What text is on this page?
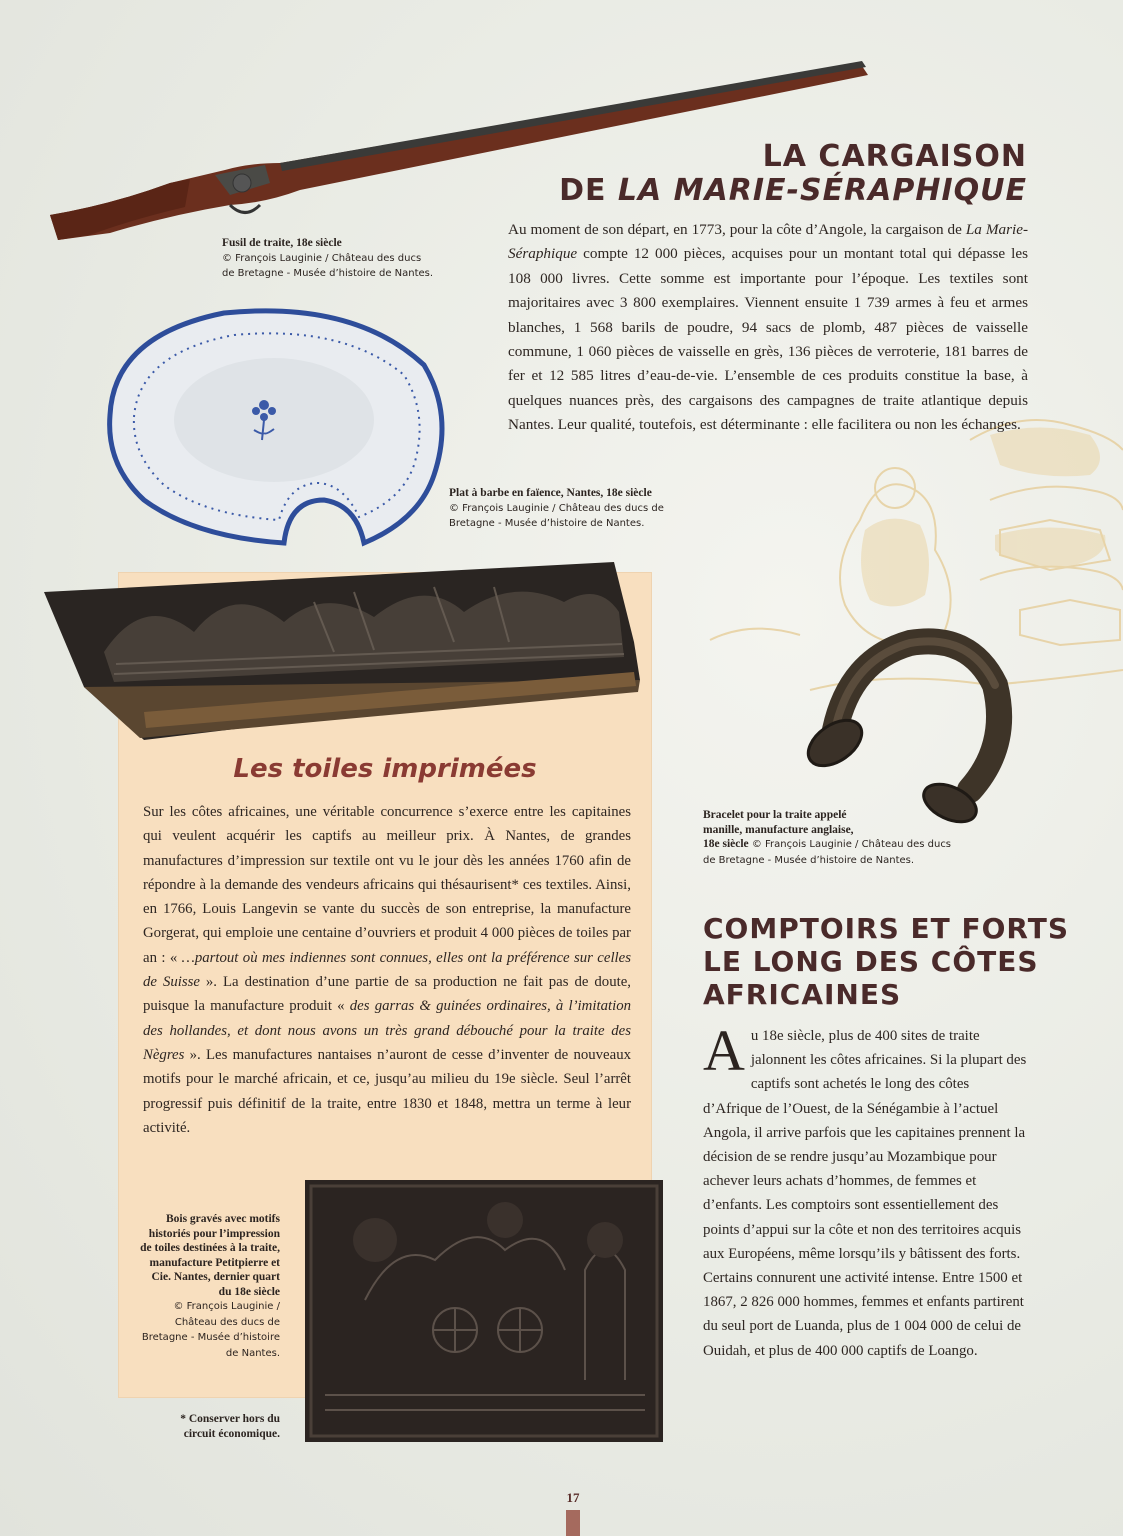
Fusil de traite, 18e siècle
© François Lauginie / Château des ducs
de Bretagne - Musée d’histoire de Nantes.

LA CARGAISON
DE LA MARIE-SÉRAPHIQUE

Au moment de son départ, en 1773, pour la côte d’Angole, la cargaison de La Marie-Séraphique compte 12 000 pièces, acquises pour un montant total qui dépasse les 108 000 livres. Cette somme est importante pour l’époque. Les textiles sont majoritaires avec 3 800 exemplaires. Viennent ensuite 1 739 armes à feu et armes blanches, 1 568 barils de poudre, 94 sacs de plomb, 487 pièces de vaisselle commune, 1 060 pièces de vaisselle en grès, 136 pièces de verroterie, 181 barres de fer et 12 585 litres d’eau-de-vie. L’ensemble de ces produits constitue la base, à quelques nuances près, des cargaisons des campagnes de traite atlantique depuis Nantes. Leur qualité, toutefois, est déterminante : elle facilitera ou non les échanges.

Plat à barbe en faïence, Nantes, 18e siècle
© François Lauginie / Château des ducs de
Bretagne - Musée d’histoire de Nantes.

Les toiles imprimées

Sur les côtes africaines, une véritable concurrence s’exerce entre les capitaines qui veulent acquérir les captifs au meilleur prix. À Nantes, de grandes manufactures d’impression sur textile ont vu le jour dès les années 1760 afin de répondre à la demande des vendeurs africains qui thésaurisent* ces textiles. Ainsi, en 1766, Louis Langevin se vante du succès de son entreprise, la manufacture Gorgerat, qui emploie une centaine d’ouvriers et produit 4 000 pièces de toiles par an : « …partout où mes indiennes sont connues, elles ont la préférence sur celles de Suisse ». La destination d’une partie de sa production ne fait pas de doute, puisque la manufacture produit « des garras & guinées ordinaires, à l’imitation des hollandes, et dont nous avons un très grand débouché pour la traite des Nègres ». Les manufactures nantaises n’auront de cesse d’inventer de nouveaux motifs pour le marché africain, et ce, jusqu’au milieu du 19e siècle. Seul l’arrêt progressif puis définitif de la traite, entre 1830 et 1848, mettra un terme à leur activité.

Bois gravés avec motifs historiés pour l’impression de toiles destinées à la traite, manufacture Petitpierre et Cie. Nantes, dernier quart du 18e siècle
© François Lauginie / Château des ducs de Bretagne - Musée d’histoire de Nantes.

* Conserver hors du circuit économique.

Bracelet pour la traite appelé
manille, manufacture anglaise,
18e siècle © François Lauginie / Château des ducs
de Bretagne - Musée d’histoire de Nantes.

COMPTOIRS ET FORTS
LE LONG DES CÔTES
AFRICAINES

Au 18e siècle, plus de 400 sites de traite jalonnent les côtes africaines. Si la plupart des captifs sont achetés le long des côtes d’Afrique de l’Ouest, de la Sénégambie à l’actuel Angola, il arrive parfois que les capitaines prennent la décision de se rendre jusqu’au Mozambique pour achever leurs achats d’hommes, de femmes et d’enfants. Les comptoirs sont essentiellement des points d’appui sur la côte et non des territoires acquis aux Européens, même lorsqu’ils y bâtissent des forts. Certains connurent une activité intense. Entre 1500 et 1867, 2 826 000 hommes, femmes et enfants partirent du seul port de Luanda, plus de 1 004 000 de celui de Ouidah, et plus de 400 000 captifs de Loango.

17
